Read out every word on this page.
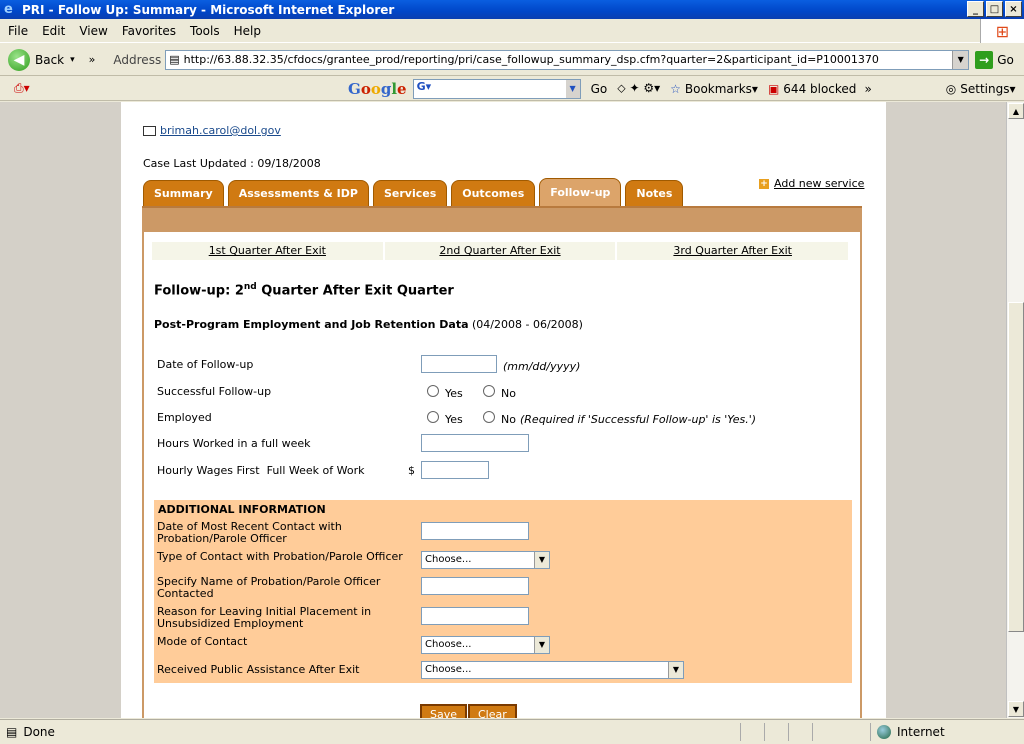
e PRI - Follow Up: Summary - Microsoft Internet Explorer	_	□	×
File Edit View Favorites Tools Help	⊞
◀ Back ▾ » Address ▤ http://63.88.32.35/cfdocs/grantee_prod/reporting/pri/case_followup_summary_dsp.cfm?quarter=2&participant_id=P10001370	▼	→ Go
⎙▾	Google G▾	▼	Go ⬦ ✦ ⚙▾ ☆ Bookmarks▾ ▣ 644 blocked »	◎ Settings▾
brimah.carol@dol.gov
Case Last Updated : 09/18/2008
Summary	Assessments & IDP	Services	Outcomes	Follow-up	Notes
+ Add new service
1st Quarter After Exit	2nd Quarter After Exit	3rd Quarter After Exit
Follow-up: 2nd Quarter After Exit Quarter
Post-Program Employment and Job Retention Data (04/2008 - 06/2008)
Date of Follow-up	(mm/dd/yyyy)
Successful Follow-up	Yes	No
Employed	Yes	No (Required if 'Successful Follow-up' is 'Yes.')
Hours Worked in a full week
Hourly Wages First  Full Week of Work	$
ADDITIONAL INFORMATION
Date of Most Recent Contact with Probation/Parole Officer
Type of Contact with Probation/Parole Officer	Choose...	▼
Specify Name of Probation/Parole Officer Contacted
Reason for Leaving Initial Placement in Unsubsidized Employment
Mode of Contact	Choose...	▼
Received Public Assistance After Exit	Choose...	▼
Save	Clear
▲
▼
▤ Done	Internet
